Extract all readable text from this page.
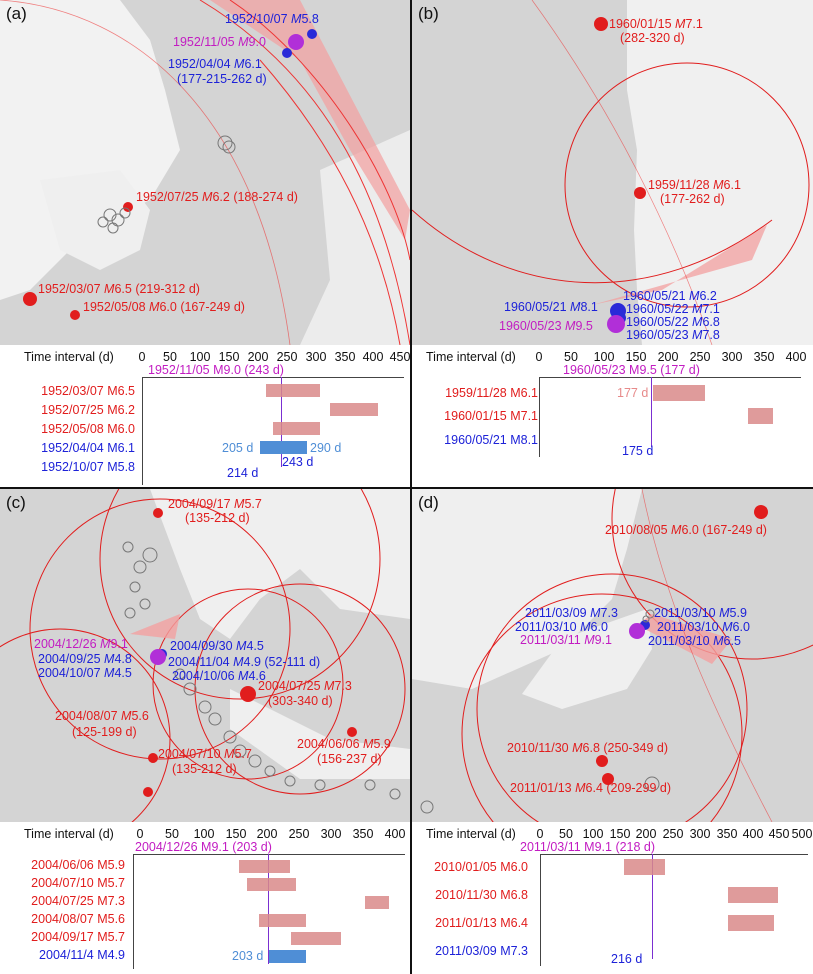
(a)	1952/10/07 M5.8
1952/11/05 M9.0
1952/04/04 M6.1
(177-215-262 d)
1952/07/25 M6.2 (188-274 d)
1952/03/07 M6.5 (219-312 d)
1952/05/08 M6.0 (167-249 d)
Time interval (d) 0 50 100 150 200 250 300 350 400 450
1952/11/05 M9.0 (243 d)
1952/03/07 M6.5
1952/07/25 M6.2
1952/05/08 M6.0
1952/04/04 M6.1
1952/10/07 M5.8
205 d	290 d
243 d
214 d
(b)
1960/01/15 M7.1
(282-320 d)
1959/11/28 M6.1
(177-262 d)
1960/05/21 M6.2
1960/05/21 M8.1 1960/05/22 M7.1
1960/05/22 M6.8
1960/05/23 M9.5
1960/05/23 M7.8
Time interval (d) 0 50 100 150 200 250 300 350 400
1960/05/23 M9.5 (177 d)
1959/11/28 M6.1
1960/01/15 M7.1
1960/05/21 M8.1
177 d
175 d
(c)	2004/09/17 M5.7
(135-212 d)
2004/12/26 M9.1	2004/09/30 M4.5
2004/09/25 M4.8	2004/11/04 M4.9 (52-111 d)
2004/10/07 M4.5	2004/10/06 M4.6
2004/07/25 M7.3
(303-340 d)
2004/08/07 M5.6
(125-199 d)
2004/07/10 M5.7
(135-212 d)
2004/06/06 M5.9
(156-237 d)
Time interval (d) 0 50 100 150 200 250 300 350 400
2004/12/26 M9.1 (203 d)
2004/06/06 M5.9
2004/07/10 M5.7
2004/07/25 M7.3
2004/08/07 M5.6
2004/09/17 M5.7
2004/11/4 M4.9	203 d
(d)
2010/08/05 M6.0 (167-249 d)
2011/03/09 M7.3	2011/03/10 M5.9
2011/03/10 M6.0	2011/03/10 M6.0
2011/03/11 M9.1	2011/03/10 M6.5
2010/11/30 M6.8 (250-349 d)
2011/01/13 M6.4 (209-299 d)
Time interval (d) 0 50 100 150 200 250 300 350 400 450 500
2011/03/11 M9.1 (218 d)
2010/01/05 M6.0
2010/11/30 M6.8
2011/01/13 M6.4
2011/03/09 M7.3
216 d
